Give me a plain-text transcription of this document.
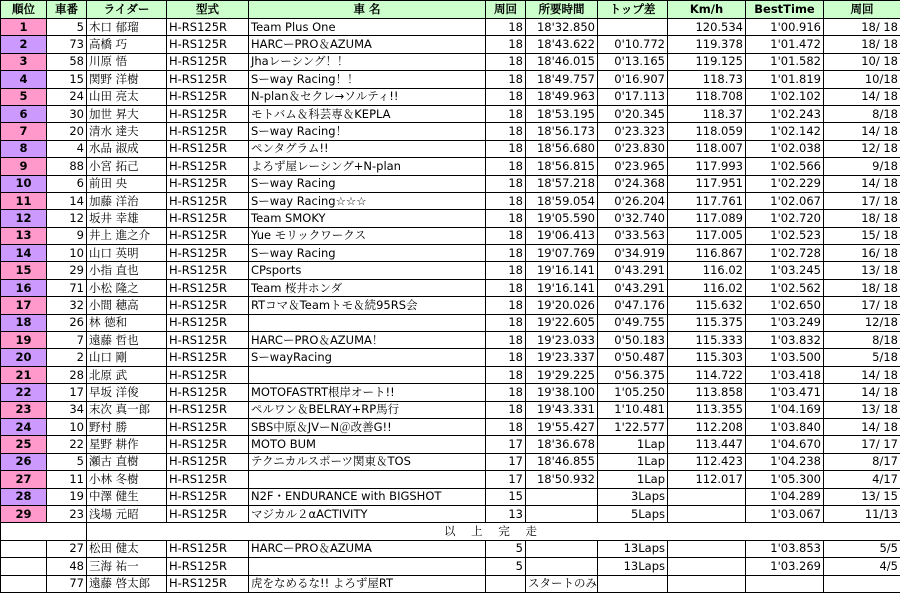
順位	車番	ライダー	型式	車 名	周回	所要時間	トップ差	Km/h	BestTime	周回
1	5	木口 郁瑠	H-RS125R	Team Plus One	18	18'32.850		120.534	1'00.916	18/ 18
2	73	高橋 巧	H-RS125R	HARCーPRO＆AZUMA	18	18'43.622	0'10.772	119.378	1'01.472	18/ 18
3	58	川原 悟	H-RS125R	Jhaレーシング！！	18	18'46.015	0'13.165	119.125	1'01.582	10/ 18
4	15	関野 洋樹	H-RS125R	Sーway Racing！！	18	18'49.757	0'16.907	118.73	1'01.819	10/18
5	24	山田 亮太	H-RS125R	N-plan＆セクレ→ソルティ!!	18	18'49.963	0'17.113	118.708	1'02.102	14/ 18
6	30	加世 昇大	H-RS125R	モトバム＆科芸専＆KEPLA	18	18'53.195	0'20.345	118.37	1'02.243	8/18
7	20	清水 達夫	H-RS125R	Sーway Racing！	18	18'56.173	0'23.323	118.059	1'02.142	14/ 18
8	4	水品 淑成	H-RS125R	ペンタグラム!!	18	18'56.680	0'23.830	118.007	1'02.038	12/ 18
9	88	小宮 拓己	H-RS125R	よろず屋レーシング+N-plan	18	18'56.815	0'23.965	117.993	1'02.566	9/18
10	6	前田 央	H-RS125R	Sーway Racing	18	18'57.218	0'24.368	117.951	1'02.229	14/ 18
11	14	加藤 洋治	H-RS125R	Sーway Racing☆☆☆	18	18'59.054	0'26.204	117.761	1'02.067	17/ 18
12	12	坂井 幸雄	H-RS125R	Team SMOKY	18	19'05.590	0'32.740	117.089	1'02.720	18/ 18
13	9	井上 進之介	H-RS125R	Yue モリックワークス	18	19'06.413	0'33.563	117.005	1'02.523	15/ 18
14	10	山口 英明	H-RS125R	Sーway Racing	18	19'07.769	0'34.919	116.867	1'02.728	16/ 18
15	29	小指 直也	H-RS125R	CPsports	18	19'16.141	0'43.291	116.02	1'03.245	13/ 18
16	71	小松 隆之	H-RS125R	Team 桜井ホンダ	18	19'16.141	0'43.291	116.02	1'02.562	18/ 18
17	32	小間 穂高	H-RS125R	RTコマ＆Teamトモ＆続95RS会	18	19'20.026	0'47.176	115.632	1'02.650	17/ 18
18	26	林 徳和	H-RS125R		18	19'22.605	0'49.755	115.375	1'03.249	12/18
19	7	遠藤 哲也	H-RS125R	HARCーPRO＆AZUMA！	18	19'23.033	0'50.183	115.333	1'03.832	8/18
20	2	山口 剛	H-RS125R	SーwayRacing	18	19'23.337	0'50.487	115.303	1'03.500	5/18
21	28	北原 武	H-RS125R		18	19'29.225	0'56.375	114.722	1'03.418	14/ 18
22	17	早坂 洋俊	H-RS125R	MOTOFASTRT根岸オート!!	18	19'38.100	1'05.250	113.858	1'03.471	14/ 18
23	34	末次 真一郎	H-RS125R	ペルワン＆BELRAY+RP馬行	18	19'43.331	1'10.481	113.355	1'04.169	13/ 18
24	10	野村 勝	H-RS125R	SBS中原＆JVーN＠改善G!!	18	19'55.427	1'22.577	112.208	1'03.840	14/ 18
25	22	星野 耕作	H-RS125R	MOTO BUM	17	18'36.678	1Lap	113.447	1'04.670	17/ 17
26	5	瀬古 直樹	H-RS125R	テクニカルスポーツ関東＆TOS	17	18'46.855	1Lap	112.423	1'04.238	8/17
27	11	小林 冬樹	H-RS125R		17	18'50.932	1Lap	112.017	1'05.300	4/17
28	19	中澤 健生	H-RS125R	N2F・ENDURANCE with BIGSHOT	15		3Laps		1'04.289	13/ 15
29	23	浅場 元昭	H-RS125R	マジカル２αACTIVITY	13		5Laps		1'03.067	11/13
		以 上 完 走								
	27	松田 健太	H-RS125R	HARCーPRO＆AZUMA	5		13Laps		1'03.853	5/5
	48	三海 祐一	H-RS125R		5		13Laps		1'03.269	4/5
	77	遠藤 啓太郎	H-RS125R	虎をなめるな!! よろず屋RT		スタートのみ				
